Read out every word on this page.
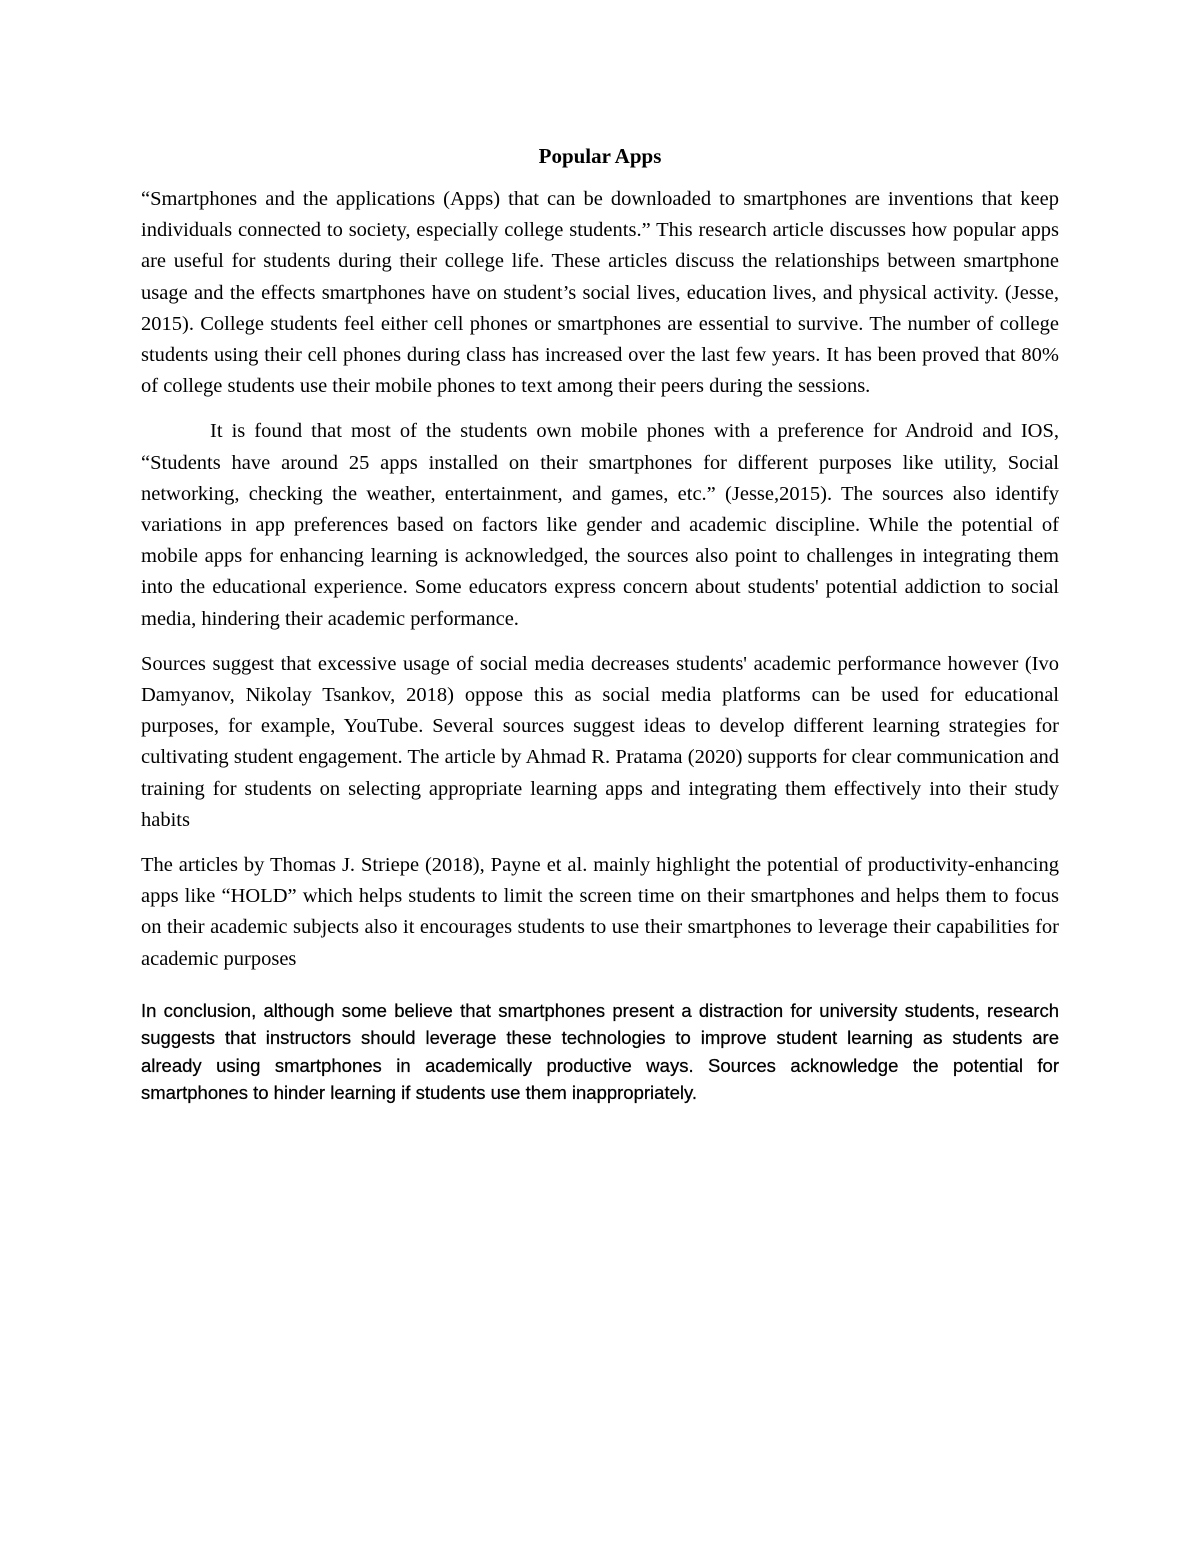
Popular Apps

“Smartphones and the applications (Apps) that can be downloaded to smartphones are inventions that keep individuals connected to society, especially college students.” This research article discusses how popular apps are useful for students during their college life. These articles discuss the relationships between smartphone usage and the effects smartphones have on student’s social lives, education lives, and physical activity. (Jesse, 2015). College students feel either cell phones or smartphones are essential to survive. The number of college students using their cell phones during class has increased over the last few years. It has been proved that 80% of college students use their mobile phones to text among their peers during the sessions.

It is found that most of the students own mobile phones with a preference for Android and IOS, “Students have around 25 apps installed on their smartphones for different purposes like utility, Social networking, checking the weather, entertainment, and games, etc.” (Jesse,2015). The sources also identify variations in app preferences based on factors like gender and academic discipline. While the potential of mobile apps for enhancing learning is acknowledged, the sources also point to challenges in integrating them into the educational experience. Some educators express concern about students' potential addiction to social media, hindering their academic performance.

Sources suggest that excessive usage of social media decreases students' academic performance however (Ivo Damyanov, Nikolay Tsankov, 2018) oppose this as social media platforms can be used for educational purposes, for example, YouTube. Several sources suggest ideas to develop different learning strategies for cultivating student engagement. The article by Ahmad R. Pratama (2020) supports for clear communication and training for students on selecting appropriate learning apps and integrating them effectively into their study habits

The articles by Thomas J. Striepe (2018), Payne et al. mainly highlight the potential of productivity-enhancing apps like “HOLD” which helps students to limit the screen time on their smartphones and helps them to focus on their academic subjects also it encourages students to use their smartphones to leverage their capabilities for academic purposes

In conclusion, although some believe that smartphones present a distraction for university students, research suggests that instructors should leverage these technologies to improve student learning as students are already using smartphones in academically productive ways. Sources acknowledge the potential for smartphones to hinder learning if students use them inappropriately.
